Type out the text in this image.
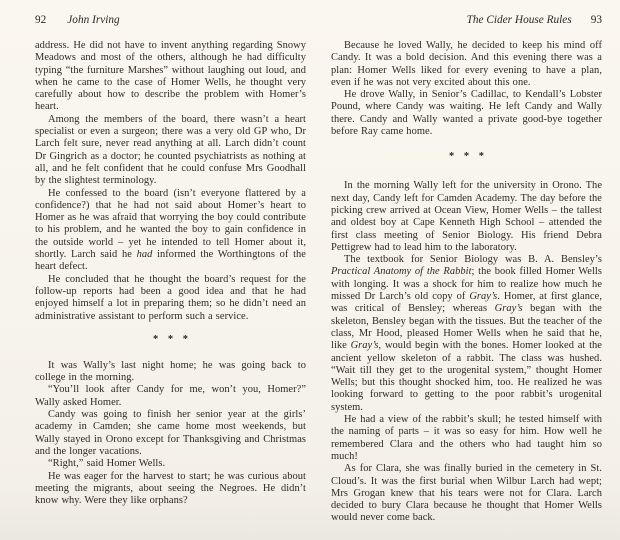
92 John Irving

address. He did not have to invent anything regarding Snowy Meadows and most of the others, although he had difficulty typing “the furniture Marshes” without laughing out loud, and when he came to the case of Homer Wells, he thought very carefully about how to describe the problem with Homer’s heart.

Among the members of the board, there wasn’t a heart specialist or even a surgeon; there was a very old GP who, Dr Larch felt sure, never read anything at all. Larch didn’t count Dr Gingrich as a doctor; he counted psychiatrists as nothing at all, and he felt confident that he could confuse Mrs Goodhall by the slightest terminology.

He confessed to the board (isn’t everyone flattered by a confidence?) that he had not said about Homer’s heart to Homer as he was afraid that worrying the boy could contribute to his problem, and he wanted the boy to gain confidence in the outside world – yet he intended to tell Homer about it, shortly. Larch said he had informed the Worthingtons of the heart defect.

He concluded that he thought the board’s request for the follow-up reports had been a good idea and that he had enjoyed himself a lot in preparing them; so he didn’t need an administrative assistant to perform such a service.

* * *

It was Wally’s last night home; he was going back to college in the morning.

“You’ll look after Candy for me, won’t you, Homer?” Wally asked Homer.

Candy was going to finish her senior year at the girls’ academy in Camden; she came home most weekends, but Wally stayed in Orono except for Thanksgiving and Christmas and the longer vacations.

“Right,” said Homer Wells.

He was eager for the harvest to start; he was curious about meeting the migrants, about seeing the Negroes. He didn’t know why. Were they like orphans?

The Cider House Rules 93

Because he loved Wally, he decided to keep his mind off Candy. It was a bold decision. And this evening there was a plan: Homer Wells liked for every evening to have a plan, even if he was not very excited about this one.

He drove Wally, in Senior’s Cadillac, to Kendall’s Lobster Pound, where Candy was waiting. He left Candy and Wally there. Candy and Wally wanted a private good-bye together before Ray came home.

* * *

In the morning Wally left for the university in Orono. The next day, Candy left for Camden Academy. The day before the picking crew arrived at Ocean View, Homer Wells – the tallest and oldest boy at Cape Kenneth High School – attended the first class meeting of Senior Biology. His friend Debra Pettigrew had to lead him to the laboratory.

The textbook for Senior Biology was B. A. Bensley’s Practical Anatomy of the Rabbit; the book filled Homer Wells with longing. It was a shock for him to realize how much he missed Dr Larch’s old copy of Gray’s. Homer, at first glance, was critical of Bensley; whereas Gray’s began with the skeleton, Bensley began with the tissues. But the teacher of the class, Mr Hood, pleased Homer Wells when he said that he, like Gray’s, would begin with the bones. Homer looked at the ancient yellow skeleton of a rabbit. The class was hushed. “Wait till they get to the urogenital system,” thought Homer Wells; but this thought shocked him, too. He realized he was looking forward to getting to the poor rabbit’s urogenital system.

He had a view of the rabbit’s skull; he tested himself with the naming of parts – it was so easy for him. How well he remembered Clara and the others who had taught him so much!

As for Clara, she was finally buried in the cemetery in St. Cloud’s. It was the first burial when Wilbur Larch had wept; Mrs Grogan knew that his tears were not for Clara. Larch decided to bury Clara because he thought that Homer Wells would never come back.
